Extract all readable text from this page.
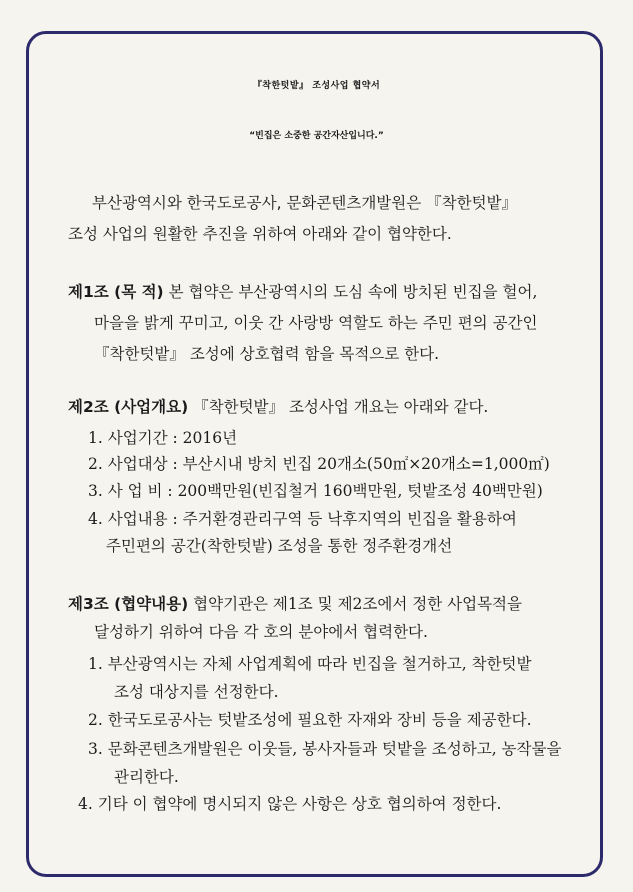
『착한텃밭』 조성사업 협약서
“빈집은 소중한 공간자산입니다.”
부산광역시와 한국도로공사, 문화콘텐츠개발원은 『착한텃밭』
조성 사업의 원활한 추진을 위하여 아래와 같이 협약한다.
제1조 (목 적) 본 협약은 부산광역시의 도심 속에 방치된 빈집을 헐어,
마을을 밝게 꾸미고, 이웃 간 사랑방 역할도 하는 주민 편의 공간인
『착한텃밭』 조성에 상호협력 함을 목적으로 한다.
제2조 (사업개요) 『착한텃밭』 조성사업 개요는 아래와 같다.
1. 사업기간 : 2016년
2. 사업대상 : 부산시내 방치 빈집 20개소(50㎡×20개소=1,000㎡)
3. 사 업 비 : 200백만원(빈집철거 160백만원, 텃밭조성 40백만원)
4. 사업내용 : 주거환경관리구역 등 낙후지역의 빈집을 활용하여
주민편의 공간(착한텃밭) 조성을 통한 정주환경개선
제3조 (협약내용) 협약기관은 제1조 및 제2조에서 정한 사업목적을
달성하기 위하여 다음 각 호의 분야에서 협력한다.
1. 부산광역시는 자체 사업계획에 따라 빈집을 철거하고, 착한텃밭
조성 대상지를 선정한다.
2. 한국도로공사는 텃밭조성에 필요한 자재와 장비 등을 제공한다.
3. 문화콘텐츠개발원은 이웃들, 봉사자들과 텃밭을 조성하고, 농작물을
관리한다.
4. 기타 이 협약에 명시되지 않은 사항은 상호 협의하여 정한다.
